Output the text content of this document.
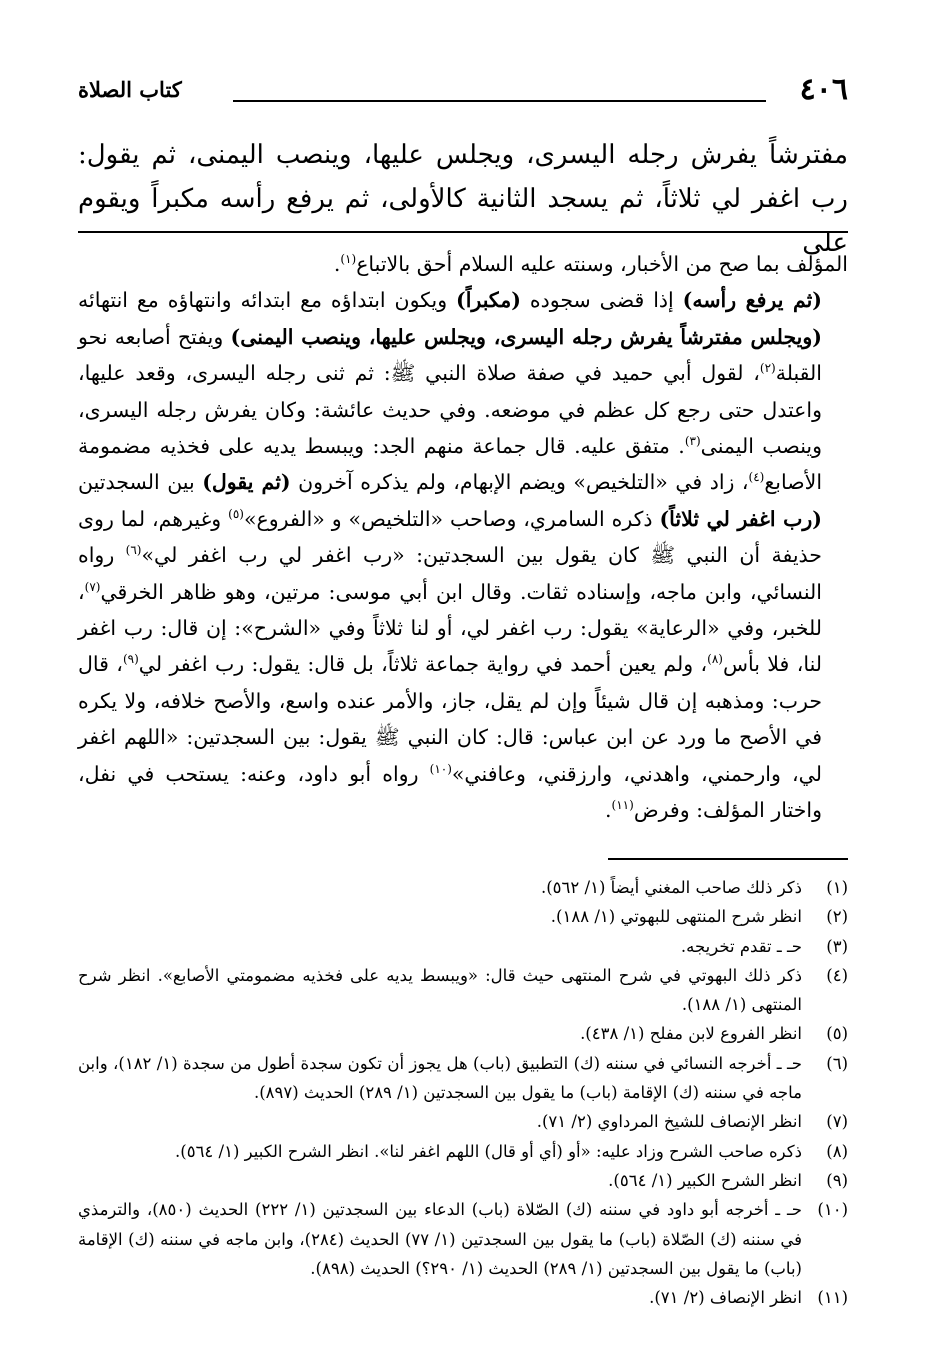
٤٠٦
كتاب الصلاة
مفترشاً يفرش رجله اليسرى، ويجلس عليها، وينصب اليمنى، ثم يقول: رب اغفر لي ثلاثاً، ثم يسجد الثانية كالأولى، ثم يرفع رأسه مكبراً ويقوم على

المؤلف بما صح من الأخبار، وسنته عليه السلام أحق بالاتباع$^{(١)}$.

(ثم يرفع رأسه) إذا قضى سجوده (مكبراً) ويكون ابتداؤه مع ابتدائه وانتهاؤه مع انتهائه (ويجلس مفترشاً يفرش رجله اليسرى، ويجلس عليها، وينصب اليمنى) ويفتح أصابعه نحو القبلة$^{(٢)}$، لقول أبي حميد في صفة صلاة النبي ﷺ: ثم ثنى رجله اليسرى، وقعد عليها، واعتدل حتى رجع كل عظم في موضعه. وفي حديث عائشة: وكان يفرش رجله اليسرى، وينصب اليمنى$^{(٣)}$. متفق عليه. قال جماعة منهم الجد: ويبسط يديه على فخذيه مضمومة الأصابع$^{(٤)}$، زاد في «التلخيص» ويضم الإبهام، ولم يذكره آخرون (ثم يقول) بين السجدتين (رب اغفر لي ثلاثاً) ذكره السامري، وصاحب «التلخيص» و «الفروع»$^{(٥)}$ وغيرهم، لما روى حذيفة أن النبي ﷺ كان يقول بين السجدتين: «رب اغفر لي رب اغفر لي»$^{(٦)}$ رواه النسائي، وابن ماجه، وإسناده ثقات. وقال ابن أبي موسى: مرتين، وهو ظاهر الخرقي$^{(٧)}$، للخبر، وفي «الرعاية» يقول: رب اغفر لي، أو لنا ثلاثاً وفي «الشرح»: إن قال: رب اغفر لنا، فلا بأس$^{(٨)}$، ولم يعين أحمد في رواية جماعة ثلاثاً، بل قال: يقول: رب اغفر لي$^{(٩)}$، قال حرب: ومذهبه إن قال شيئاً وإن لم يقل، جاز، والأمر عنده واسع، والأصح خلافه، ولا يكره في الأصح ما ورد عن ابن عباس: قال: كان النبي ﷺ يقول: بين السجدتين: «اللهم اغفر لي، وارحمني، واهدني، وارزقني، وعافني»$^{(١٠)}$ رواه أبو داود، وعنه: يستحب في نفل، واختار المؤلف: وفرض$^{(١١)}$.

(١)
ذكر ذلك صاحب المغني أيضاً (١/ ٥٦٢).
(٢)
انظر شرح المنتهى للبهوتي (١/ ١٨٨).
(٣)
حـ ـ تقدم تخريجه.
(٤)
ذكر ذلك البهوتي في شرح المنتهى حيث قال: «ويبسط يديه على فخذيه مضمومتي الأصابع». انظر شرح المنتهى (١/ ١٨٨).
(٥)
انظر الفروع لابن مفلح (١/ ٤٣٨).
(٦)
حـ ـ أخرجه النسائي في سننه (ك) التطبيق (باب) هل يجوز أن تكون سجدة أطول من سجدة (١/ ١٨٢)، وابن ماجه في سننه (ك) الإقامة (باب) ما يقول بين السجدتين (١/ ٢٨٩) الحديث (٨٩٧).
(٧)
انظر الإنصاف للشيخ المرداوي (٢/ ٧١).
(٨)
ذكره صاحب الشرح وزاد عليه: «أو (أي أو قال) اللهم اغفر لنا». انظر الشرح الكبير (١/ ٥٦٤).
(٩)
انظر الشرح الكبير (١/ ٥٦٤).
(١٠)
حـ ـ أخرجه أبو داود في سننه (ك) الصّلاة (باب) الدعاء بين السجدتين (١/ ٢٢٢) الحديث (٨٥٠)، والترمذي في سننه (ك) الصّلاة (باب) ما يقول بين السجدتين (١/ ٧٧) الحديث (٢٨٤)، وابن ماجه في سننه (ك) الإقامة (باب) ما يقول بين السجدتين (١/ ٢٨٩) الحديث (١/ ٢٩٠؟) الحديث (٨٩٨).
(١١)
انظر الإنصاف (٢/ ٧١).
